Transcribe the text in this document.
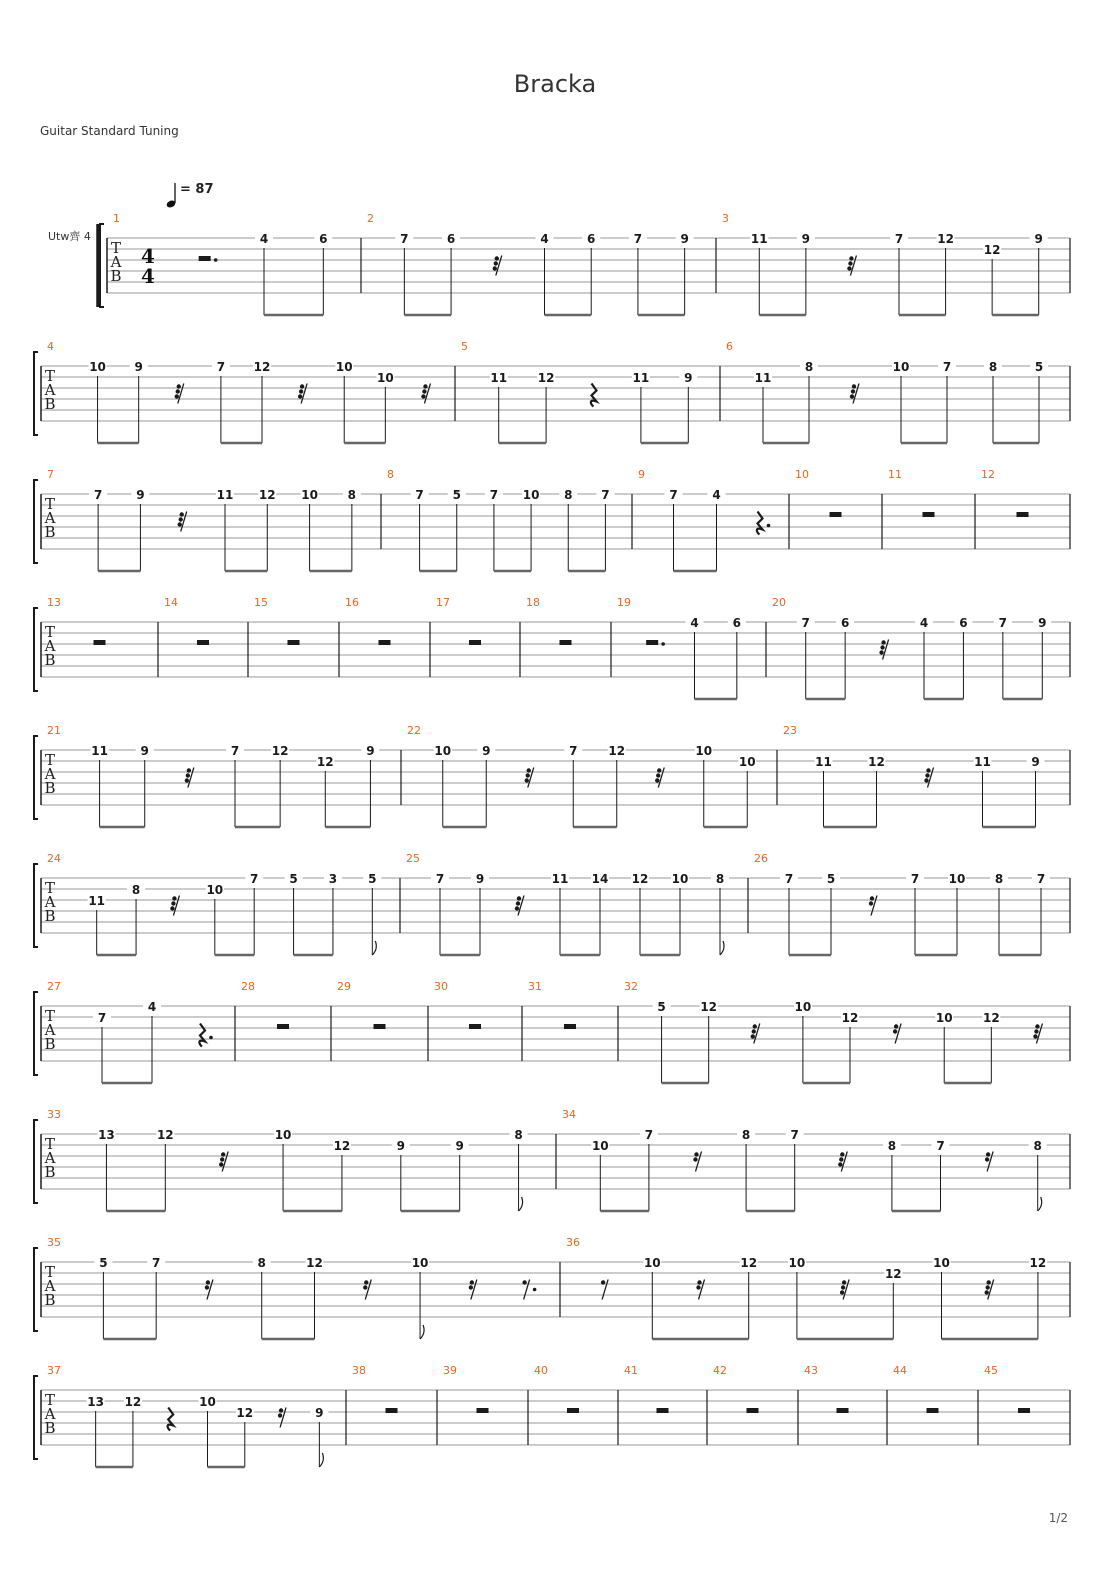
Bracka
Guitar Standard Tuning
1/2
= 87
Utw齊 4
T
A
B
4
4
1
4	6
2
7	6	4	6	7	9
3
11	9	7	12
12
9
T
A
B
4
10 9	7 12	10
10
5
11	12	11	9
6
11
8	10	7	8	5
T
A
B
7
7	9	11 12 10 8
8
7 5 7 10 8 7
9
7	4
10	11	12
T
A
B
13	14	15	16	17	18	19
4	6
20
7	6	4	6	7	9
T
A
B
21
11	9	7	12
12
9
22
10	9	7	12	10
10
23
11	12	11	9
T
A
B
24
11
8	10
7	5	3	5
25
7	9	11 14 12 10 8
26
7	5	7 10 8	7
T
A
B
27
7
4
28	29	30	31	32
5	12	10
12	10	12
T
A
B
33
13	12	10
12	9	9
8
34
10
7	8	7
8	7	8
T
A
B
35
5	7	8	12	10
36
10	12	10
12
10	12
T
A
B
37
13 12	10
12	9
38	39	40	41	42	43	44	45
